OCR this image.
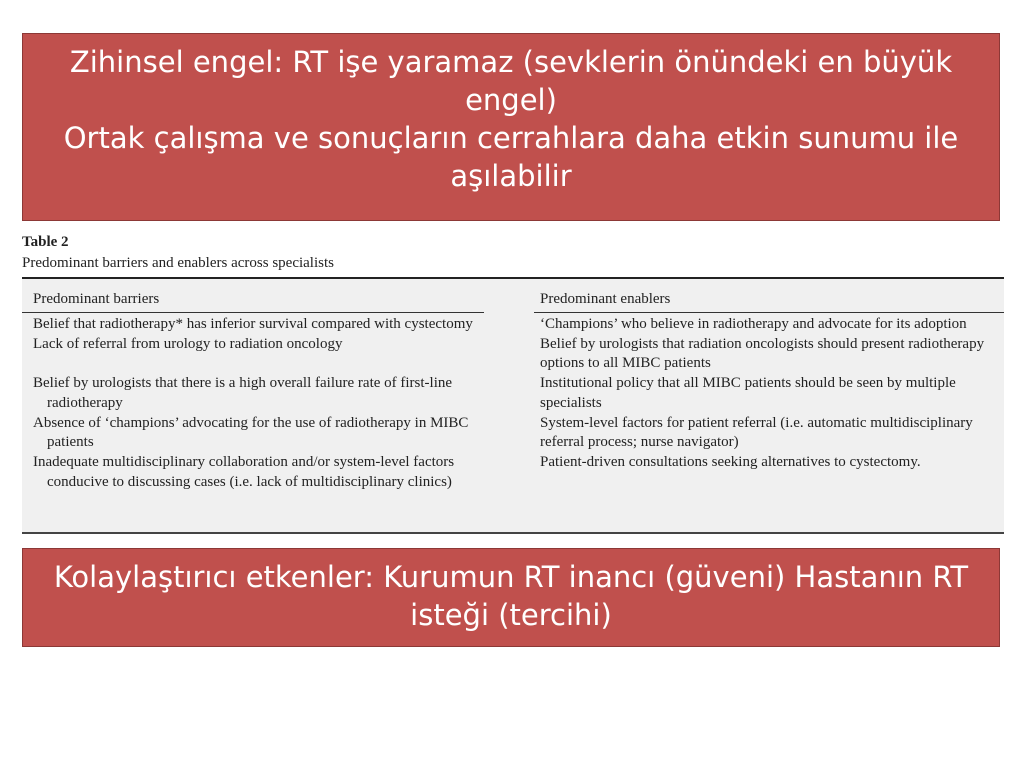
Zihinsel engel: RT işe yaramaz (sevklerin önündeki en büyük
engel)
Ortak çalışma ve sonuçların cerrahlara daha etkin sunumu ile
aşılabilir
Table 2
Predominant barriers and enablers across specialists
Predominant barriers	Predominant enablers
Belief that radiotherapy* has inferior survival compared with cystectomy
Lack of referral from urology to radiation oncology
Belief by urologists that there is a high overall failure rate of first-line radiotherapy
Absence of ‘champions’ advocating for the use of radiotherapy in MIBC patients
Inadequate multidisciplinary collaboration and/or system-level factors conducive to discussing cases (i.e. lack of multidisciplinary clinics)
‘Champions’ who believe in radiotherapy and advocate for its adoption
Belief by urologists that radiation oncologists should present radiotherapy options to all MIBC patients
Institutional policy that all MIBC patients should be seen by multiple specialists
System-level factors for patient referral (i.e. automatic multidisciplinary referral process; nurse navigator)
Patient-driven consultations seeking alternatives to cystectomy.
Kolaylaştırıcı etkenler: Kurumun RT inancı (güveni) Hastanın RT
isteği (tercihi)
